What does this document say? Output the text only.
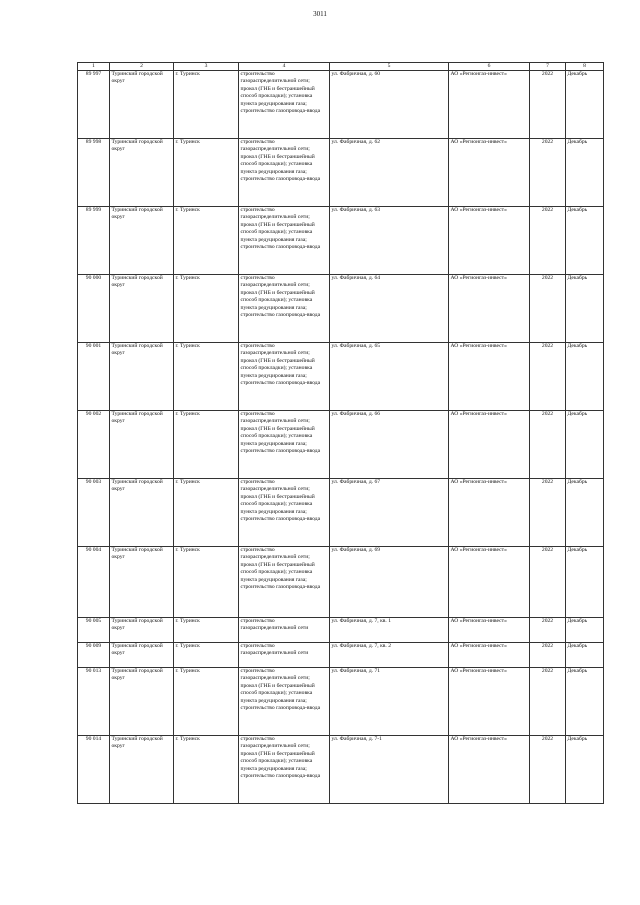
3011
1	2	3	4	5	6	7	8
89 997	Туринский городской округ	г. Туринск	строительство газораспределительной сети; прокол (ГНБ и бестраншейный способ прокладки); установка пункта редуцирования газа; строительство газопровода-ввода	ул. Фабричная, д. 60	АО «Регионгаз-инвест»	2022	Декабрь
89 998	Туринский городской округ	г. Туринск	строительство газораспределительной сети; прокол (ГНБ и бестраншейный способ прокладки); установка пункта редуцирования газа; строительство газопровода-ввода	ул. Фабричная, д. 62	АО «Регионгаз-инвест»	2022	Декабрь
89 999	Туринский городской округ	г. Туринск	строительство газораспределительной сети; прокол (ГНБ и бестраншейный способ прокладки); установка пункта редуцирования газа; строительство газопровода-ввода	ул. Фабричная, д. 63	АО «Регионгаз-инвест»	2022	Декабрь
90 000	Туринский городской округ	г. Туринск	строительство газораспределительной сети; прокол (ГНБ и бестраншейный способ прокладки); установка пункта редуцирования газа; строительство газопровода-ввода	ул. Фабричная, д. 64	АО «Регионгаз-инвест»	2022	Декабрь
90 001	Туринский городской округ	г. Туринск	строительство газораспределительной сети; прокол (ГНБ и бестраншейный способ прокладки); установка пункта редуцирования газа; строительство газопровода-ввода	ул. Фабричная, д. 65	АО «Регионгаз-инвест»	2022	Декабрь
90 002	Туринский городской округ	г. Туринск	строительство газораспределительной сети; прокол (ГНБ и бестраншейный способ прокладки); установка пункта редуцирования газа; строительство газопровода-ввода	ул. Фабричная, д. 66	АО «Регионгаз-инвест»	2022	Декабрь
90 003	Туринский городской округ	г. Туринск	строительство газораспределительной сети; прокол (ГНБ и бестраншейный способ прокладки); установка пункта редуцирования газа; строительство газопровода-ввода	ул. Фабричная, д. 67	АО «Регионгаз-инвест»	2022	Декабрь
90 004	Туринский городской округ	г. Туринск	строительство газораспределительной сети; прокол (ГНБ и бестраншейный способ прокладки); установка пункта редуцирования газа; строительство газопровода-ввода	ул. Фабричная, д. 69	АО «Регионгаз-инвест»	2022	Декабрь
90 005	Туринский городской округ	г. Туринск	строительство газораспределительной сети	ул. Фабричная, д. 7, кв. 1	АО «Регионгаз-инвест»	2022	Декабрь
90 009	Туринский городской округ	г. Туринск	строительство газораспределительной сети	ул. Фабричная, д. 7, кв. 2	АО «Регионгаз-инвест»	2022	Декабрь
90 013	Туринский городской округ	г. Туринск	строительство газораспределительной сети; прокол (ГНБ и бестраншейный способ прокладки); установка пункта редуцирования газа; строительство газопровода-ввода	ул. Фабричная, д. 71	АО «Регионгаз-инвест»	2022	Декабрь
90 014	Туринский городской округ	г. Туринск	строительство газораспределительной сети; прокол (ГНБ и бестраншейный способ прокладки); установка пункта редуцирования газа; строительство газопровода-ввода	ул. Фабричная, д. 7-1	АО «Регионгаз-инвест»	2022	Декабрь
